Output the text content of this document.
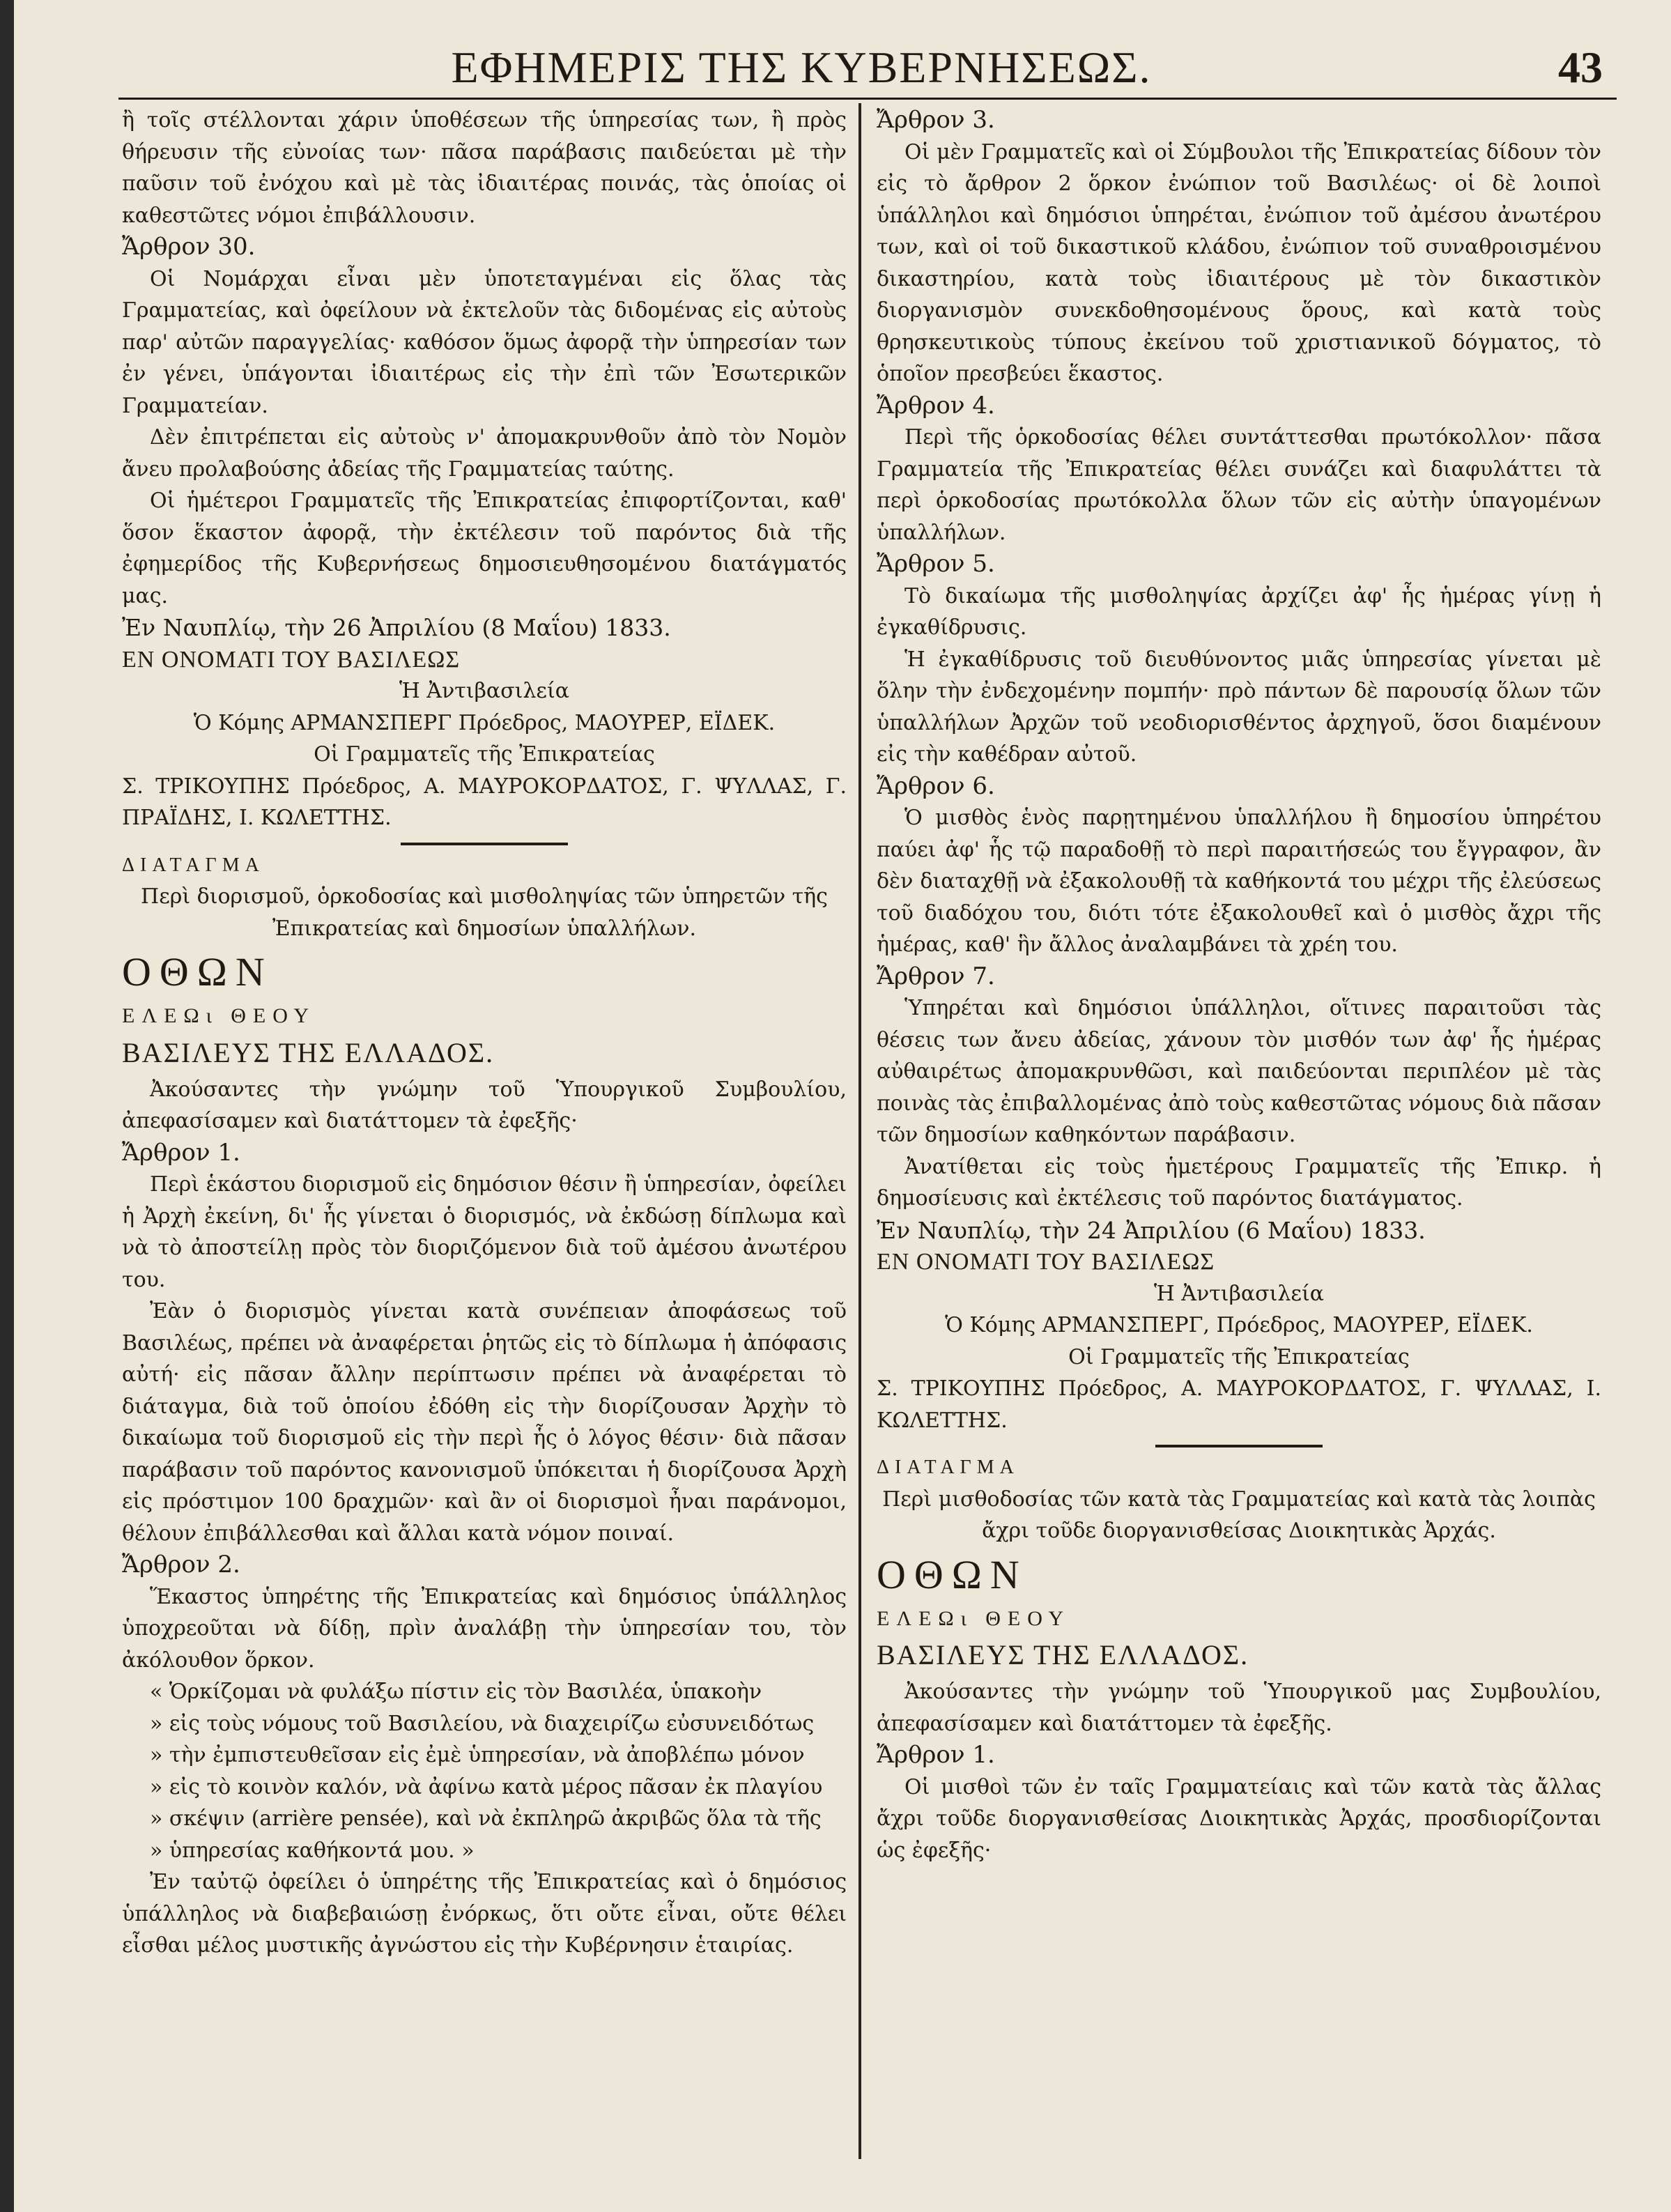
ΕΦΗΜΕΡΙΣ ΤΗΣ ΚΥΒΕΡΝΗΣΕΩΣ.	43

ἢ τοῖς στέλλονται χάριν ὑποθέσεων τῆς ὑπηρεσίας των, ἢ πρὸς θήρευσιν τῆς εὐνοίας των· πᾶσα παράβασις παιδεύεται μὲ τὴν παῦσιν τοῦ ἐνόχου καὶ μὲ τὰς ἰδιαιτέρας ποινάς, τὰς ὁποίας οἱ καθεστῶτες νόμοι ἐπιβάλλουσιν.

Ἄρθρον 30.

Οἱ Νομάρχαι εἶναι μὲν ὑποτεταγμέναι εἰς ὅλας τὰς Γραμματείας, καὶ ὀφείλουν νὰ ἐκτελοῦν τὰς διδομένας εἰς αὐτοὺς παρ' αὐτῶν παραγγελίας· καθόσον ὅμως ἀφορᾷ τὴν ὑπηρεσίαν των ἐν γένει, ὑπάγονται ἰδιαιτέρως εἰς τὴν ἐπὶ τῶν Ἐσωτερικῶν Γραμματείαν.

Δὲν ἐπιτρέπεται εἰς αὐτοὺς ν' ἀπομακρυνθοῦν ἀπὸ τὸν Νομὸν ἄνευ προλαβούσης ἀδείας τῆς Γραμματείας ταύτης.

Οἱ ἡμέτεροι Γραμματεῖς τῆς Ἐπικρατείας ἐπιφορτίζονται, καθ' ὅσον ἕκαστον ἀφορᾷ, τὴν ἐκτέλεσιν τοῦ παρόντος διὰ τῆς ἐφημερίδος τῆς Κυβερνήσεως δημοσιευθησομένου διατάγματός μας.

Ἐν Ναυπλίῳ, τὴν 26 Ἀπριλίου (8 Μαΐου) 1833.

ΕΝ ΟΝΟΜΑΤΙ ΤΟΥ ΒΑΣΙΛΕΩΣ

Ἡ Ἀντιβασιλεία

Ὁ Κόμης ΑΡΜΑΝΣΠΕΡΓ Πρόεδρος, ΜΑΟΥΡΕΡ, ΕΪΔΕΚ.

Οἱ Γραμματεῖς τῆς Ἐπικρατείας

Σ. ΤΡΙΚΟΥΠΗΣ Πρόεδρος, Α. ΜΑΥΡΟΚΟΡΔΑΤΟΣ, Γ. ΨΥΛΛΑΣ, Γ. ΠΡΑΪΔΗΣ, Ι. ΚΩΛΕΤΤΗΣ.

ΔΙΑΤΑΓΜΑ

Περὶ διορισμοῦ, ὁρκοδοσίας καὶ μισθοληψίας τῶν ὑπηρετῶν τῆς Ἐπικρατείας καὶ δημοσίων ὑπαλλήλων.

ΟΘΩΝ

ΕΛΕΩι ΘΕΟΥ

ΒΑΣΙΛΕΥΣ ΤΗΣ ΕΛΛΑΔΟΣ.

Ἀκούσαντες τὴν γνώμην τοῦ Ὑπουργικοῦ Συμβουλίου, ἀπεφασίσαμεν καὶ διατάττομεν τὰ ἐφεξῆς·

Ἄρθρον 1.

Περὶ ἑκάστου διορισμοῦ εἰς δημόσιον θέσιν ἢ ὑπηρεσίαν, ὀφείλει ἡ Ἀρχὴ ἐκείνη, δι' ἧς γίνεται ὁ διορισμός, νὰ ἐκδώσῃ δίπλωμα καὶ νὰ τὸ ἀποστείλῃ πρὸς τὸν διοριζόμενον διὰ τοῦ ἀμέσου ἀνωτέρου του.

Ἐὰν ὁ διορισμὸς γίνεται κατὰ συνέπειαν ἀποφάσεως τοῦ Βασιλέως, πρέπει νὰ ἀναφέρεται ῥητῶς εἰς τὸ δίπλωμα ἡ ἀπόφασις αὐτή· εἰς πᾶσαν ἄλλην περίπτωσιν πρέπει νὰ ἀναφέρεται τὸ διάταγμα, διὰ τοῦ ὁποίου ἐδόθη εἰς τὴν διορίζουσαν Ἀρχὴν τὸ δικαίωμα τοῦ διορισμοῦ εἰς τὴν περὶ ἧς ὁ λόγος θέσιν· διὰ πᾶσαν παράβασιν τοῦ παρόντος κανονισμοῦ ὑπόκειται ἡ διορίζουσα Ἀρχὴ εἰς πρόστιμον 100 δραχμῶν· καὶ ἂν οἱ διορισμοὶ ἦναι παράνομοι, θέλουν ἐπιβάλλεσθαι καὶ ἄλλαι κατὰ νόμον ποιναί.

Ἄρθρον 2.

Ἕκαστος ὑπηρέτης τῆς Ἐπικρατείας καὶ δημόσιος ὑπάλληλος ὑποχρεοῦται νὰ δίδῃ, πρὶν ἀναλάβῃ τὴν ὑπηρεσίαν του, τὸν ἀκόλουθον ὅρκον.

« Ὁρκίζομαι νὰ φυλάξω πίστιν εἰς τὸν Βασιλέα, ὑπακοὴν

» εἰς τοὺς νόμους τοῦ Βασιλείου, νὰ διαχειρίζω εὐσυνειδότως

» τὴν ἐμπιστευθεῖσαν εἰς ἐμὲ ὑπηρεσίαν, νὰ ἀποβλέπω μόνον

» εἰς τὸ κοινὸν καλόν, νὰ ἀφίνω κατὰ μέρος πᾶσαν ἐκ πλαγίου

» σκέψιν (arrière pensée), καὶ νὰ ἐκπληρῶ ἀκριβῶς ὅλα τὰ τῆς

» ὑπηρεσίας καθήκοντά μου. »

Ἐν ταὐτῷ ὀφείλει ὁ ὑπηρέτης τῆς Ἐπικρατείας καὶ ὁ δημόσιος ὑπάλληλος νὰ διαβεβαιώσῃ ἐνόρκως, ὅτι οὔτε εἶναι, οὔτε θέλει εἶσθαι μέλος μυστικῆς ἀγνώστου εἰς τὴν Κυβέρνησιν ἑταιρίας.

Ἄρθρον 3.

Οἱ μὲν Γραμματεῖς καὶ οἱ Σύμβουλοι τῆς Ἐπικρατείας δίδουν τὸν εἰς τὸ ἄρθρον 2 ὅρκον ἐνώπιον τοῦ Βασιλέως· οἱ δὲ λοιποὶ ὑπάλληλοι καὶ δημόσιοι ὑπηρέται, ἐνώπιον τοῦ ἀμέσου ἀνωτέρου των, καὶ οἱ τοῦ δικαστικοῦ κλάδου, ἐνώπιον τοῦ συναθροισμένου δικαστηρίου, κατὰ τοὺς ἰδιαιτέρους μὲ τὸν δικαστικὸν διοργανισμὸν συνεκδοθησομένους ὅρους, καὶ κατὰ τοὺς θρησκευτικοὺς τύπους ἐκείνου τοῦ χριστιανικοῦ δόγματος, τὸ ὁποῖον πρεσβεύει ἕκαστος.

Ἄρθρον 4.

Περὶ τῆς ὁρκοδοσίας θέλει συντάττεσθαι πρωτόκολλον· πᾶσα Γραμματεία τῆς Ἐπικρατείας θέλει συνάζει καὶ διαφυλάττει τὰ περὶ ὁρκοδοσίας πρωτόκολλα ὅλων τῶν εἰς αὐτὴν ὑπαγομένων ὑπαλλήλων.

Ἄρθρον 5.

Τὸ δικαίωμα τῆς μισθοληψίας ἀρχίζει ἀφ' ἧς ἡμέρας γίνῃ ἡ ἐγκαθίδρυσις.

Ἡ ἐγκαθίδρυσις τοῦ διευθύνοντος μιᾶς ὑπηρεσίας γίνεται μὲ ὅλην τὴν ἐνδεχομένην πομπήν· πρὸ πάντων δὲ παρουσίᾳ ὅλων τῶν ὑπαλλήλων Ἀρχῶν τοῦ νεοδιορισθέντος ἀρχηγοῦ, ὅσοι διαμένουν εἰς τὴν καθέδραν αὐτοῦ.

Ἄρθρον 6.

Ὁ μισθὸς ἑνὸς παρῃτημένου ὑπαλλήλου ἢ δημοσίου ὑπηρέτου παύει ἀφ' ἧς τῷ παραδοθῇ τὸ περὶ παραιτήσεώς του ἔγγραφον, ἂν δὲν διαταχθῇ νὰ ἐξακολουθῇ τὰ καθήκοντά του μέχρι τῆς ἐλεύσεως τοῦ διαδόχου του, διότι τότε ἐξακολουθεῖ καὶ ὁ μισθὸς ἄχρι τῆς ἡμέρας, καθ' ἣν ἄλλος ἀναλαμβάνει τὰ χρέη του.

Ἄρθρον 7.

Ὑπηρέται καὶ δημόσιοι ὑπάλληλοι, οἵτινες παραιτοῦσι τὰς θέσεις των ἄνευ ἀδείας, χάνουν τὸν μισθόν των ἀφ' ἧς ἡμέρας αὐθαιρέτως ἀπομακρυνθῶσι, καὶ παιδεύονται περιπλέον μὲ τὰς ποινὰς τὰς ἐπιβαλλομένας ἀπὸ τοὺς καθεστῶτας νόμους διὰ πᾶσαν τῶν δημοσίων καθηκόντων παράβασιν.

Ἀνατίθεται εἰς τοὺς ἡμετέρους Γραμματεῖς τῆς Ἐπικρ. ἡ δημοσίευσις καὶ ἐκτέλεσις τοῦ παρόντος διατάγματος.

Ἐν Ναυπλίῳ, τὴν 24 Ἀπριλίου (6 Μαΐου) 1833.

ΕΝ ΟΝΟΜΑΤΙ ΤΟΥ ΒΑΣΙΛΕΩΣ

Ἡ Ἀντιβασιλεία

Ὁ Κόμης ΑΡΜΑΝΣΠΕΡΓ, Πρόεδρος, ΜΑΟΥΡΕΡ, ΕΪΔΕΚ.

Οἱ Γραμματεῖς τῆς Ἐπικρατείας

Σ. ΤΡΙΚΟΥΠΗΣ Πρόεδρος, Α. ΜΑΥΡΟΚΟΡΔΑΤΟΣ, Γ. ΨΥΛΛΑΣ, Ι. ΚΩΛΕΤΤΗΣ.

ΔΙΑΤΑΓΜΑ

Περὶ μισθοδοσίας τῶν κατὰ τὰς Γραμματείας καὶ κατὰ τὰς λοιπὰς ἄχρι τοῦδε διοργανισθείσας Διοικητικὰς Ἀρχάς.

ΟΘΩΝ

ΕΛΕΩι ΘΕΟΥ

ΒΑΣΙΛΕΥΣ ΤΗΣ ΕΛΛΑΔΟΣ.

Ἀκούσαντες τὴν γνώμην τοῦ Ὑπουργικοῦ μας Συμβουλίου, ἀπεφασίσαμεν καὶ διατάττομεν τὰ ἐφεξῆς.

Ἄρθρον 1.

Οἱ μισθοὶ τῶν ἐν ταῖς Γραμματείαις καὶ τῶν κατὰ τὰς ἄλλας ἄχρι τοῦδε διοργανισθείσας Διοικητικὰς Ἀρχάς, προσδιορίζονται ὡς ἐφεξῆς·
